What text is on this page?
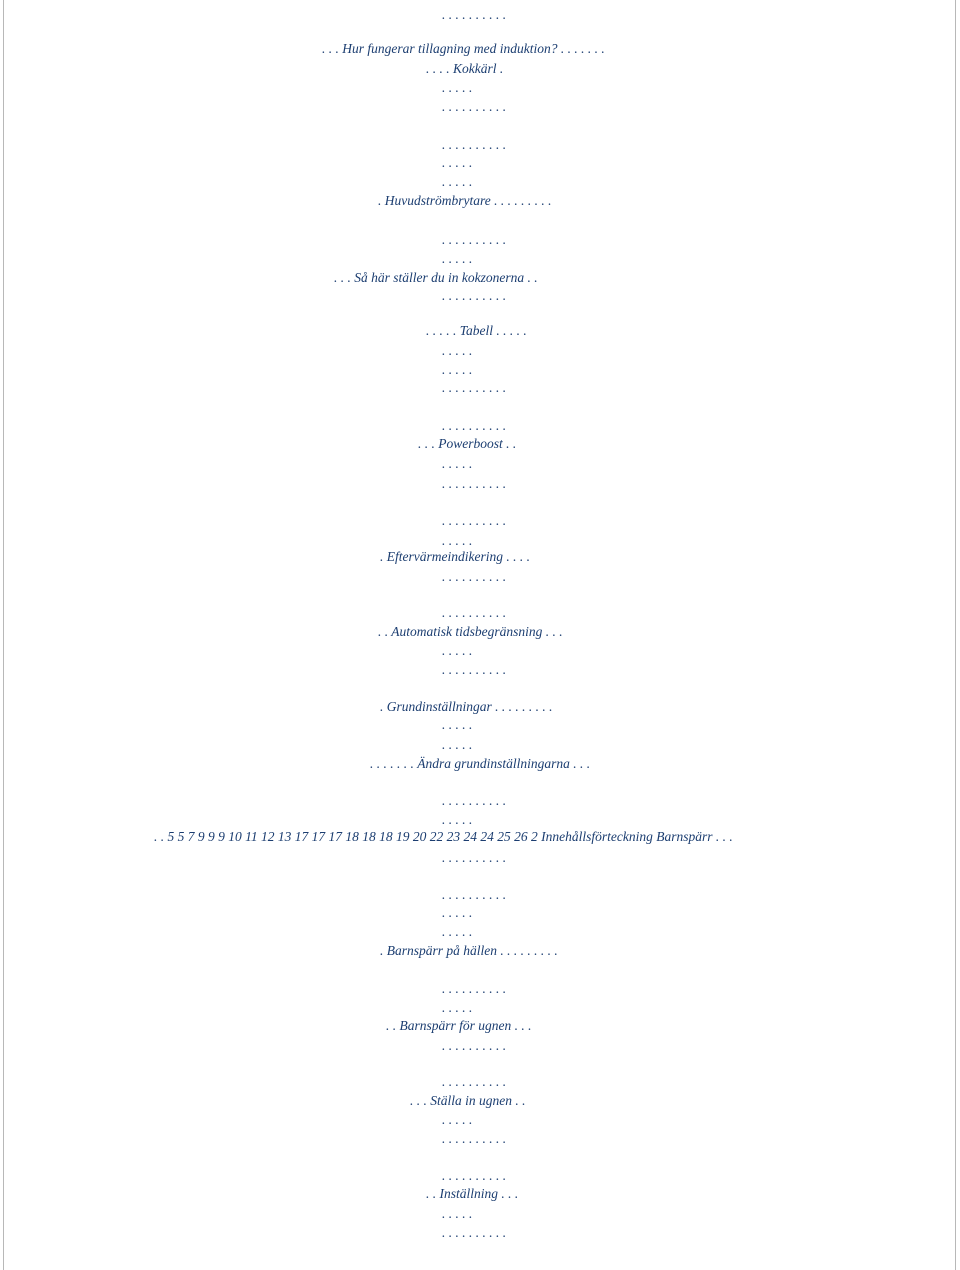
. . . . . . . . . .
. . . Hur fungerar tillagning med induktion? . . . . . . .
. . . . Kokkärl .
. . . . .
. . . . . . . . . .
. . . . . . . . . .
. . . . .
. . . . .
. Huvudströmbrytare . . . . . . . . .
. . . . . . . . . .
. . . . .
. . . Så här ställer du in kokzonerna . .
. . . . . . . . . .
. . . . . Tabell . . . . .
. . . . .
. . . . .
. . . . . . . . . .
. . . . . . . . . .
. . . Powerboost . .
. . . . .
. . . . . . . . . .
. . . . . . . . . .
. . . . .
. Eftervärmeindikering . . . .
. . . . . . . . . .
. . . . . . . . . .
. . Automatisk tidsbegränsning . . .
. . . . .
. . . . . . . . . .
. Grundinställningar . . . . . . . . .
. . . . .
. . . . .
. . . . . . . Ändra grundinställningarna . . .
. . . . . . . . . .
. . . . .
. . 5 5 7 9 9 9 10 11 12 13 17 17 17 18 18 18 19 20 22 23 24 24 25 26 2 Innehållsförteckning Barnspärr . . .
. . . . . . . . . .
. . . . . . . . . .
. . . . .
. . . . .
. Barnspärr på hällen . . . . . . . . .
. . . . . . . . . .
. . . . .
. . Barnspärr för ugnen . . .
. . . . . . . . . .
. . . . . . . . . .
. . . Ställa in ugnen . .
. . . . .
. . . . . . . . . .
. . . . . . . . . .
. . Inställning . . .
. . . . .
. . . . . . . . . .
